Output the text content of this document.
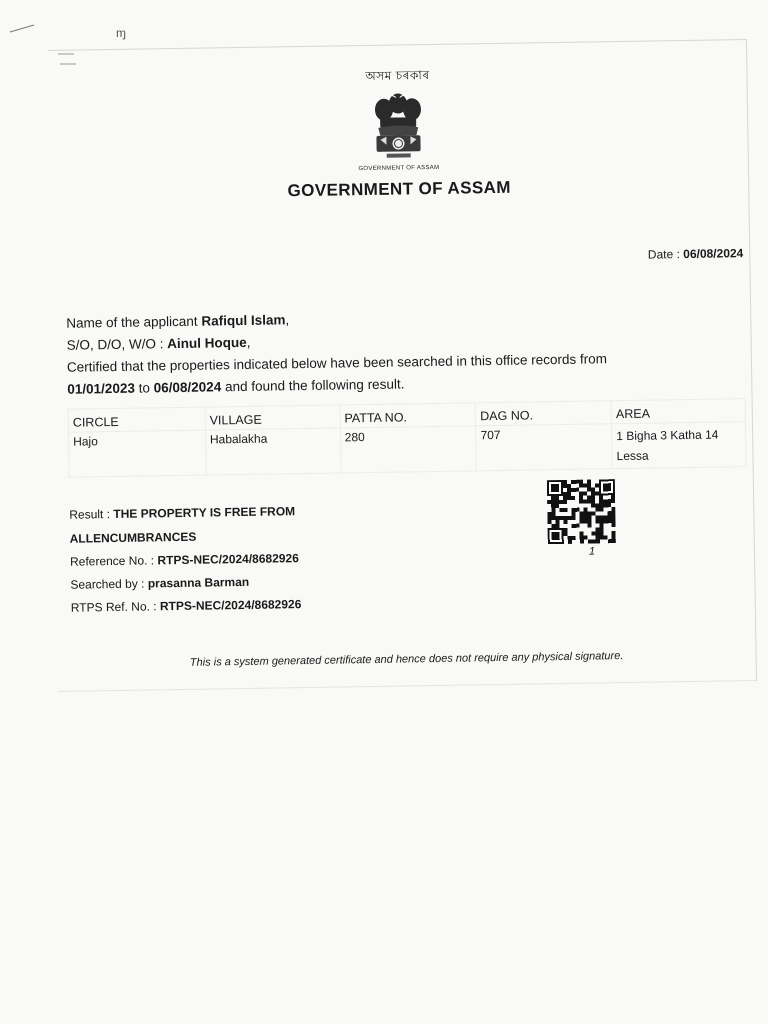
ɱ
অসম চৰকাৰ
GOVERNMENT OF ASSAM
GOVERNMENT OF ASSAM
Date : 06/08/2024
Name of the applicant Rafiqul Islam,
S/O, D/O, W/O : Ainul Hoque,
Certified that the properties indicated below have been searched in this office records from
01/01/2023 to 06/08/2024 and found the following result.
CIRCLE	VILLAGE	PATTA NO.	DAG NO.	AREA
Hajo	Habalakha	280	707	1 Bigha 3 Katha 14 Lessa
Result : THE PROPERTY IS FREE FROM ALLENCUMBRANCES
Reference No. : RTPS-NEC/2024/8682926
Searched by : prasanna Barman
RTPS Ref. No. : RTPS-NEC/2024/8682926
1
This is a system generated certificate and hence does not require any physical signature.
